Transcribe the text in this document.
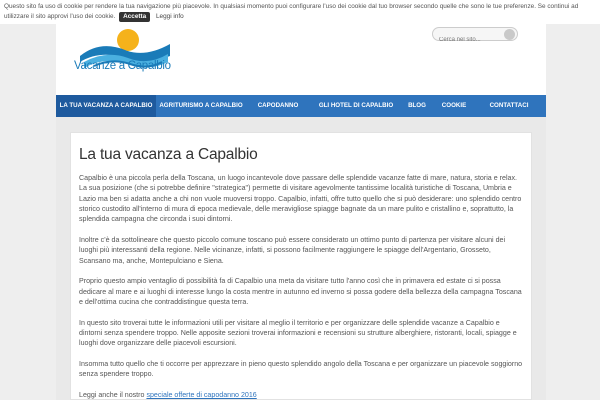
Questo sito fa uso di cookie per rendere la tua navigazione più piacevole. In qualsiasi momento puoi configurare l'uso dei cookie dal tuo browser secondo quelle che sono le tue preferenze. Se continui ad utilizzare il sito approvi l'uso dei cookie. Accetta Leggi info
Vacanze a Capalbio
Cerca nel sito...
LA TUA VACANZA A CAPALBIO	AGRITURISMO A CAPALBIO	CAPODANNO	GLI HOTEL DI CAPALBIO	BLOG	COOKIE	CONTATTACI
La tua vacanza a Capalbio

Capalbio è una piccola perla della Toscana, un luogo incantevole dove passare delle splendide vacanze fatte di mare, natura, storia e relax. La sua posizione (che si potrebbe definire "strategica") permette di visitare agevolmente tantissime località turistiche di Toscana, Umbria e Lazio ma ben si adatta anche a chi non vuole muoversi troppo. Capalbio, infatti, offre tutto quello che si può desiderare: uno splendido centro storico custodito all'interno di mura di epoca medievale, delle meravigliose spiagge bagnate da un mare pulito e cristallino e, soprattutto, la splendida campagna che circonda i suoi dintorni.

Inoltre c'è da sottolineare che questo piccolo comune toscano può essere considerato un ottimo punto di partenza per visitare alcuni dei luoghi più interessanti della regione. Nelle vicinanze, infatti, si possono facilmente raggiungere le spiagge dell'Argentario, Grosseto, Scansano ma, anche, Montepulciano e Siena.

Proprio questo ampio ventaglio di possibilità fa di Capalbio una meta da visitare tutto l'anno così che in primavera ed estate ci si possa dedicare al mare e ai luoghi di interesse lungo la costa mentre in autunno ed inverno si possa godere della bellezza della campagna Toscana e dell'ottima cucina che contraddistingue questa terra.

In questo sito troverai tutte le informazioni utili per visitare al meglio il territorio e per organizzare delle splendide vacanze a Capalbio e dintorni senza spendere troppo. Nelle apposite sezioni troverai informazioni e recensioni su strutture alberghiere, ristoranti, locali, spiagge e luoghi dove organizzare delle piacevoli escursioni.

Insomma tutto quello che ti occorre per apprezzare in pieno questo splendido angolo della Toscana e per organizzare un piacevole soggiorno senza spendere troppo.

Leggi anche il nostro speciale offerte di capodanno 2016
